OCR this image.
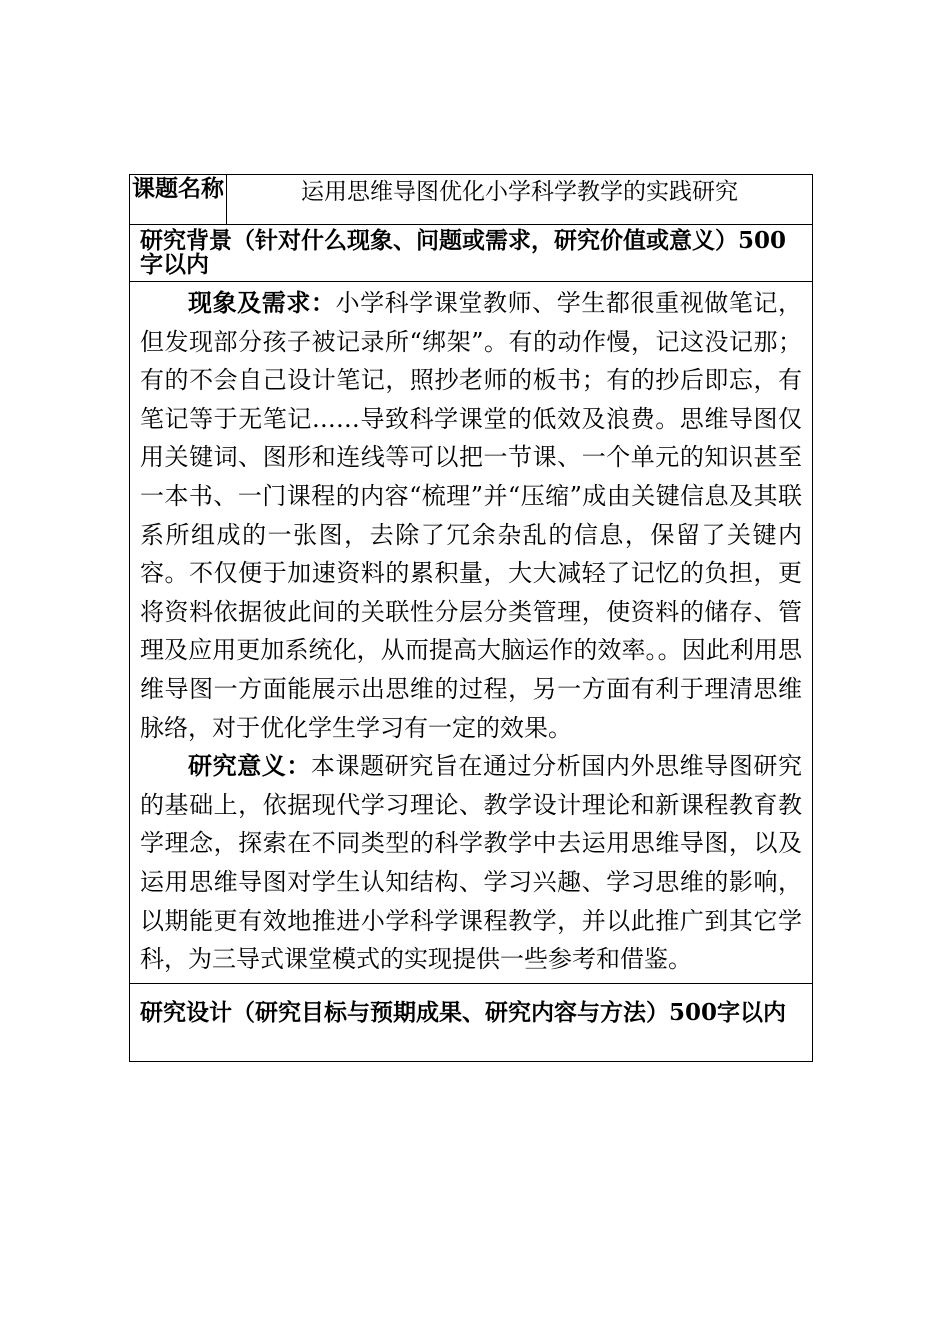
课题名称	运用思维导图优化小学科学教学的实践研究
研究背景（针对什么现象、问题或需求，研究价值或意义）500字以内

现象及需求：小学科学课堂教师、学生都很重视做笔记，但发现部分孩子被记录所“绑架”。有的动作慢，记这没记那；有的不会自己设计笔记，照抄老师的板书；有的抄后即忘，有笔记等于无笔记……导致科学课堂的低效及浪费。思维导图仅用关键词、图形和连线等可以把一节课、一个单元的知识甚至一本书、一门课程的内容“梳理”并“压缩”成由关键信息及其联系所组成的一张图，去除了冗余杂乱的信息，保留了关键内容。不仅便于加速资料的累积量，大大减轻了记忆的负担，更将资料依据彼此间的关联性分层分类管理，使资料的储存、管理及应用更加系统化，从而提高大脑运作的效率。。因此利用思维导图一方面能展示出思维的过程，另一方面有利于理清思维脉络，对于优化学生学习有一定的效果。

研究意义：本课题研究旨在通过分析国内外思维导图研究的基础上，依据现代学习理论、教学设计理论和新课程教育教学理念，探索在不同类型的科学教学中去运用思维导图，以及运用思维导图对学生认知结构、学习兴趣、学习思维的影响，以期能更有效地推进小学科学课程教学，并以此推广到其它学科，为三导式课堂模式的实现提供一些参考和借鉴。

研究设计（研究目标与预期成果、研究内容与方法）500字以内
